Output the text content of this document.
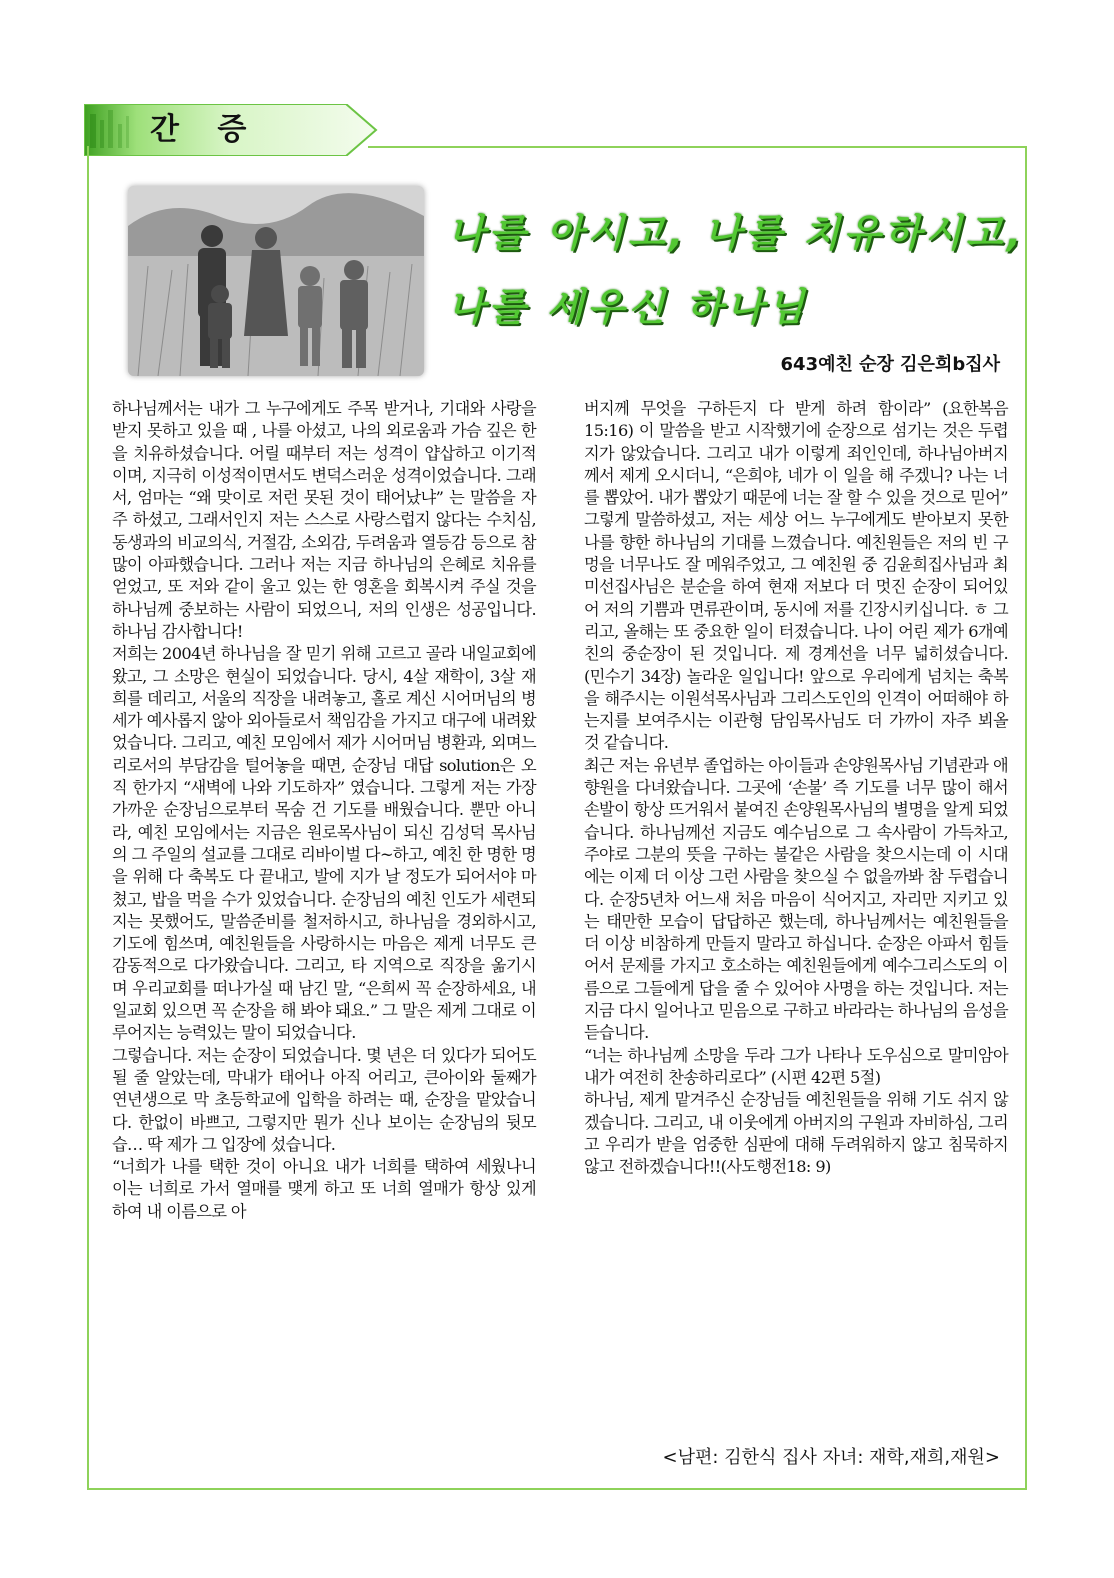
간 증
나를 아시고, 나를 치유하시고,
나를 세우신 하나님
643예친 순장 김은희b집사

하나님께서는 내가 그 누구에게도 주목 받거나, 기대와 사랑을 받지 못하고 있을 때 , 나를 아셨고, 나의 외로움과 가슴 깊은 한을 치유하셨습니다. 어릴 때부터 저는 성격이 얍삽하고 이기적이며, 지극히 이성적이면서도 변덕스러운 성격이었습니다. 그래서, 엄마는 “왜 맞이로 저런 못된 것이 태어났냐” 는 말씀을 자주 하셨고, 그래서인지 저는 스스로 사랑스럽지 않다는 수치심, 동생과의 비교의식, 거절감, 소외감, 두려움과 열등감 등으로 참 많이 아파했습니다. 그러나 저는 지금 하나님의 은혜로 치유를 얻었고, 또 저와 같이 울고 있는 한 영혼을 회복시켜 주실 것을 하나님께 중보하는 사람이 되었으니, 저의 인생은 성공입니다. 하나님 감사합니다!

저희는 2004년 하나님을 잘 믿기 위해 고르고 골라 내일교회에 왔고, 그 소망은 현실이 되었습니다. 당시, 4살 재학이, 3살 재희를 데리고, 서울의 직장을 내려놓고, 홀로 계신 시어머님의 병세가 예사롭지 않아 외아들로서 책임감을 가지고 대구에 내려왔었습니다. 그리고, 예친 모임에서 제가 시어머님 병환과, 외며느리로서의 부담감을 털어놓을 때면, 순장님 대답 solution은 오직 한가지 “새벽에 나와 기도하자” 였습니다. 그렇게 저는 가장 가까운 순장님으로부터 목숨 건 기도를 배웠습니다. 뿐만 아니라, 예친 모임에서는 지금은 원로목사님이 되신 김성덕 목사님의 그 주일의 설교를 그대로 리바이벌 다~하고, 예친 한 명한 명을 위해 다 축복도 다 끝내고, 발에 지가 날 정도가 되어서야 마쳤고, 밥을 먹을 수가 있었습니다. 순장님의 예친 인도가 세련되지는 못했어도, 말씀준비를 철저하시고, 하나님을 경외하시고, 기도에 힘쓰며, 예친원들을 사랑하시는 마음은 제게 너무도 큰 감동적으로 다가왔습니다. 그리고, 타 지역으로 직장을 옮기시며 우리교회를 떠나가실 때 남긴 말, “은희씨 꼭 순장하세요, 내일교회 있으면 꼭 순장을 해 봐야 돼요.” 그 말은 제게 그대로 이루어지는 능력있는 말이 되었습니다.

그렇습니다. 저는 순장이 되었습니다. 몇 년은 더 있다가 되어도 될 줄 알았는데, 막내가 태어나 아직 어리고, 큰아이와 둘째가 연년생으로 막 초등학교에 입학을 하려는 때, 순장을 맡았습니다. 한없이 바쁘고, 그렇지만 뭔가 신나 보이는 순장님의 뒷모습… 딱 제가 그 입장에 섰습니다.

“너희가 나를 택한 것이 아니요 내가 너희를 택하여 세웠나니 이는 너희로 가서 열매를 맺게 하고 또 너희 열매가 항상 있게 하여 내 이름으로 아

버지께 무엇을 구하든지 다 받게 하려 함이라” (요한복음15:16) 이 말씀을 받고 시작했기에 순장으로 섬기는 것은 두렵지가 않았습니다. 그리고 내가 이렇게 죄인인데, 하나님아버지께서 제게 오시더니, “은희야, 네가 이 일을 해 주겠니? 나는 너를 뽑았어. 내가 뽑았기 때문에 너는 잘 할 수 있을 것으로 믿어” 그렇게 말씀하셨고, 저는 세상 어느 누구에게도 받아보지 못한 나를 향한 하나님의 기대를 느꼈습니다. 예친원들은 저의 빈 구멍을 너무나도 잘 메워주었고, 그 예친원 중 김윤희집사님과 최미선집사님은 분순을 하여 현재 저보다 더 멋진 순장이 되어있어 저의 기쁨과 면류관이며, 동시에 저를 긴장시키십니다. ㅎ 그리고, 올해는 또 중요한 일이 터졌습니다. 나이 어린 제가 6개예친의 중순장이 된 것입니다. 제 경계선을 너무 넓히셨습니다. (민수기 34장) 놀라운 일입니다! 앞으로 우리에게 넘치는 축복을 해주시는 이원석목사님과 그리스도인의 인격이 어떠해야 하는지를 보여주시는 이관형 담임목사님도 더 가까이 자주 뵈올 것 같습니다.

최근 저는 유년부 졸업하는 아이들과 손양원목사님 기념관과 애향원을 다녀왔습니다. 그곳에 ‘손불’ 즉 기도를 너무 많이 해서 손발이 항상 뜨거워서 붙여진 손양원목사님의 별명을 알게 되었습니다. 하나님께선 지금도 예수님으로 그 속사람이 가득차고, 주야로 그분의 뜻을 구하는 불같은 사람을 찾으시는데 이 시대에는 이제 더 이상 그런 사람을 찾으실 수 없을까봐 참 두렵습니다. 순장5년차 어느새 처음 마음이 식어지고, 자리만 지키고 있는 태만한 모습이 답답하곤 했는데, 하나님께서는 예친원들을 더 이상 비참하게 만들지 말라고 하십니다. 순장은 아파서 힘들어서 문제를 가지고 호소하는 예친원들에게 예수그리스도의 이름으로 그들에게 답을 줄 수 있어야 사명을 하는 것입니다. 저는 지금 다시 일어나고 믿음으로 구하고 바라라는 하나님의 음성을 듣습니다.

“너는 하나님께 소망을 두라 그가 나타나 도우심으로 말미암아 내가 여전히 찬송하리로다” (시편 42편 5절)

하나님, 제게 맡겨주신 순장님들 예친원들을 위해 기도 쉬지 않겠습니다. 그리고, 내 이웃에게 아버지의 구원과 자비하심, 그리고 우리가 받을 엄중한 심판에 대해 두려워하지 않고 침묵하지 않고 전하겠습니다!!(사도행전18: 9)

<남편: 김한식 집사 자녀: 재학,재희,재원>
